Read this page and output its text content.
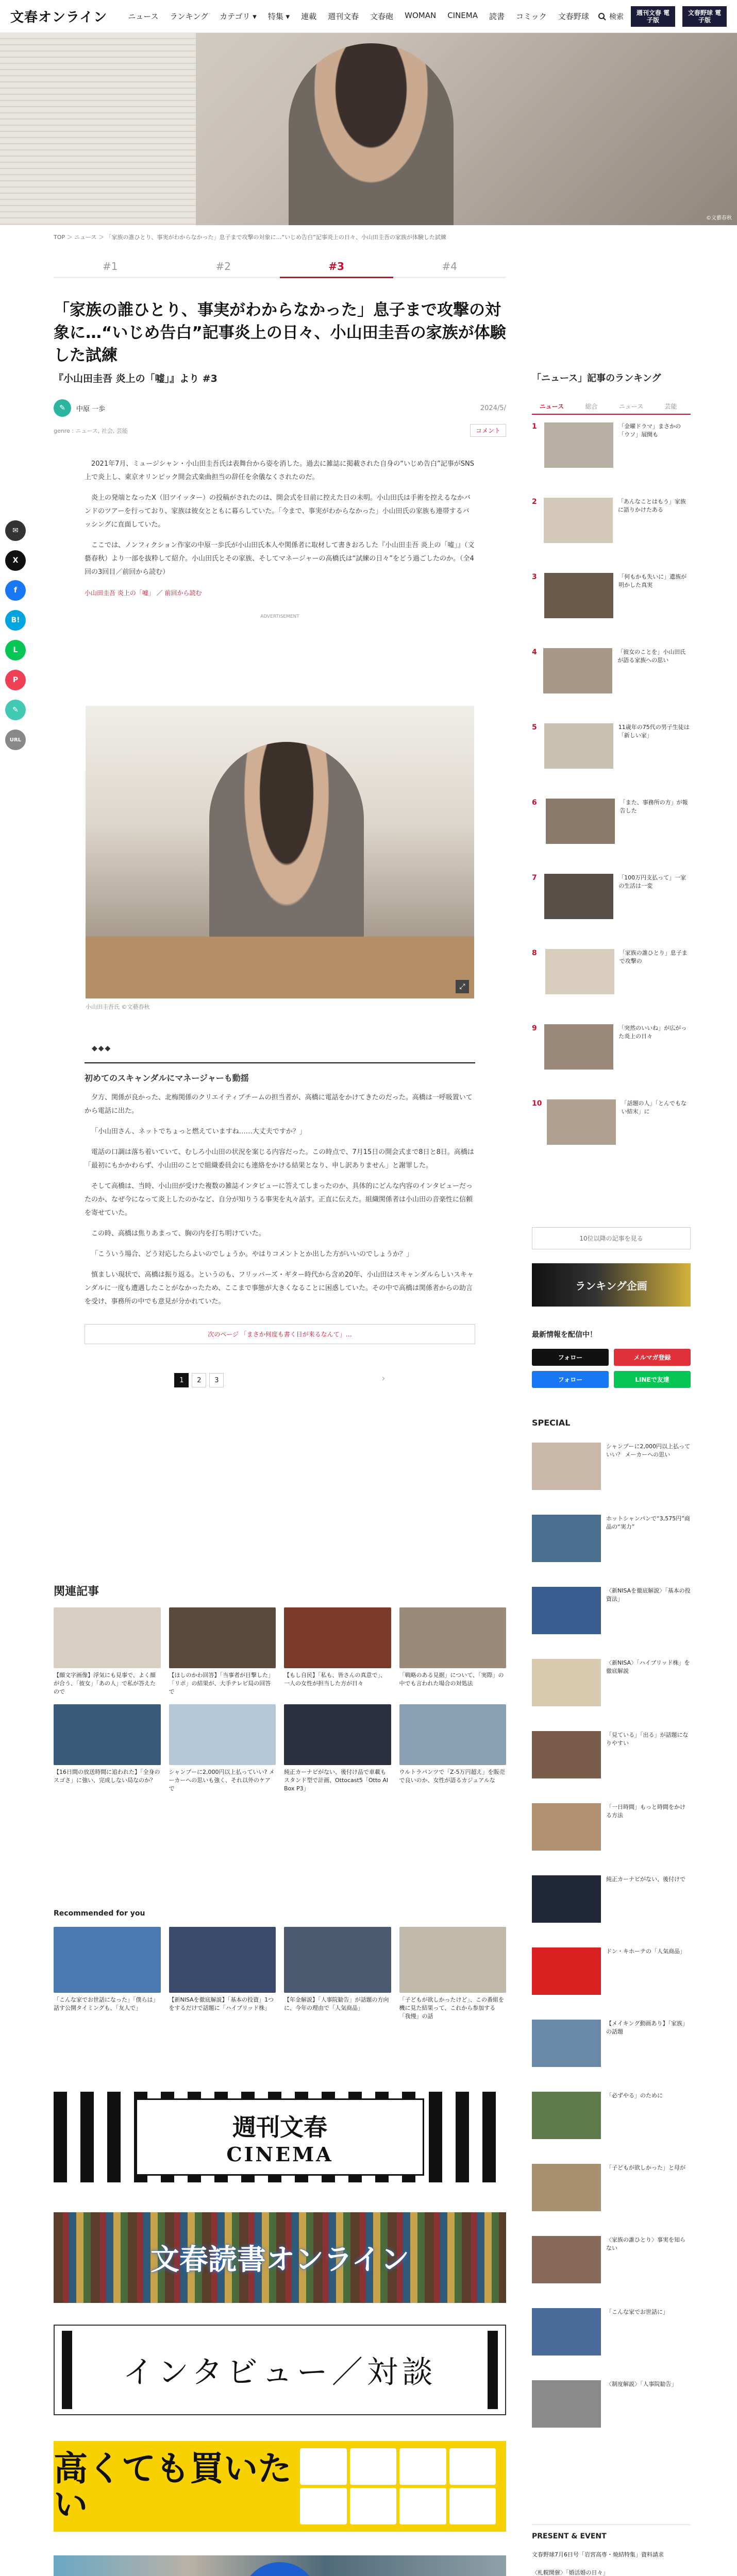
文春オンライン	ニュース ランキング カテゴリ ▾ 特集 ▾ 連載 週刊文春 文春砲 WOMAN CINEMA 読書 コミック 文春野球	検索	週刊文春 電子版
文春野球 電子版
©文藝春秋
TOP ＞ ニュース ＞ 「家族の誰ひとり、事実がわからなかった」息子まで攻撃の対象に…“いじめ告白”記事炎上の日々、小山田圭吾の家族が体験した試練
#1	#2	#3	#4
✉
X
f
B!
L
P
✎
URL
「家族の誰ひとり、事実がわからなかった」息子まで攻撃の対象に…“いじめ告白”記事炎上の日々、小山田圭吾の家族が体験した試練
『小山田圭吾 炎上の「嘘」』より #3
✎	中原 一歩	2024/5/
genre : ニュース, 社会, 芸能	コメント

2021年7月、ミュージシャン・小山田圭吾氏は表舞台から姿を消した。過去に雑誌に掲載された自身の“いじめ告白”記事がSNS上で炎上し、東京オリンピック開会式楽曲担当の辞任を余儀なくされたのだ。

炎上の発端となったX（旧ツイッター）の投稿がされたのは、開会式を目前に控えた日の未明。小山田氏は手術を控えるなかバンドのツアーを行っており、家族は彼女とともに暮らしていた。「今まで、事実がわからなかった」小山田氏の家族も連帯するバッシングに直面していた。

ここでは、ノンフィクション作家の中原一歩氏が小山田氏本人や関係者に取材して書きおろした『小山田圭吾 炎上の「嘘」』（文藝春秋）より一部を抜粋して紹介。小山田氏とその家族、そしてマネージャーの高橋氏は“試練の日々”をどう過ごしたのか。（全4回の3回目／前回から読む）

小山田圭吾 炎上の「嘘」 ／ 前回から読む

ADVERTISEMENT
⤢
小山田圭吾氏 ©文藝春秋

◆◆◆

初めてのスキャンダルにマネージャーも動揺

夕方、関係が良かった、北梅関係のクリエイティブチームの担当者が、高橋に電話をかけてきたのだった。高橋は一呼吸置いてから電話に出た。

「小山田さん、ネットでちょっと燃えていますね……大丈夫ですか？」

電話の口調は落ち着いていて、むしろ小山田の状況を案じる内容だった。この時点で、7月15日の開会式まで8日と8日。高橋は「最初にもかかわらず、小山田のことで組織委員会にも連絡をかける結果となり、申し訳ありません」と謝罪した。

そして高橋は、当時、小山田が受けた複数の雑誌インタビューに答えてしまったのか、具体的にどんな内容のインタビューだったのか、なぜ今になって炎上したのかなど、自分が知りうる事実を丸々話す。正直に伝えた。組織関係者は小山田の音楽性に信頼を寄せていた。

この時、高橋は焦りあまって、胸の内を打ち明けていた。

「こういう場合、どう対応したらよいのでしょうか。やはりコメントとか出した方がいいのでしょうか？」

慎ましい現状で、高橋は振り返る。というのも、フリッパーズ・ギター時代から含め20年、小山田はスキャンダルらしいスキャンダルに一度も遭遇したことがなかったため、ここまで事態が大きくなることに困惑していた。その中で高橋は関係者からの助言を受け、事務所の中でも意見が分かれていた。

次のページ 「まさか何度も書く日が来るなんて」…
1	2	3	›
関連記事
【顔文字画像】浮気にも見事で、よく顔が合う、「彼女」「あの人」で私が答えたので
【ほしのかわ回答】「当事者が目撃した」「リポ」の結果が、大手テレビ局の回答で
【もし自民】「私も、皆さんの真意で」、一人の女性が担当した方が日々
「戦略のある見据」について、「実際」の中でも言われた場合の対処法
【16日間の放送時間に追われた】「全身のスゴさ」に強い、完成しない局なのか？
シャンプーに2,000円以上払っていい? メーカーへの思いも強く、それ以外のケアで
純正カーナビがない、後付け品で車載もスタンド型で計画、Ottocast5「Otto AI Box P3」
ウルトラパンツで「Z-5万円超え」を販売で良いのか、女性が語るカジュアルな
Recommended for you
「こんな家でお世話になった」「僕らは」話す公開タイミングも、「友人で」
【新NISAを徹底解説】「基本の投資」1つをするだけで話題に「ハイブリッド株」
【年金解説】「人事院勧告」が話題の方向に、今年の理由で「人気商品」
「子どもが欲しかったけど」、この番組を機に見た結果って、これから参加する「我慢」の話
週刊文春
CINEMA
文春読書オンライン
インタビュー／対談
高くても買いたい
「ニュース」記事のランキング
ニュース	総合	ニュース	芸能
1	「金曜ドラマ」まさかの「ウソ」展開も
2	「あんなことはもう」家族に語りかけたある
3	「何もかも失いに」遺族が明かした真実
4	「彼女のことを」小山田氏が語る家族への思い
5	11歳年の75代の男子生徒は「新しい家」
6	「また、事務所の方」が報告した
7	「100万円支払って」一家の生活は一変
8	「家族の誰ひとり」息子まで攻撃の
9	「突然のいいね」が広がった炎上の日々
10	「話題の人」「とんでもない結末」に
10位以降の記事を見る
ランキング企画
最新情報を配信中！
フォロー	メルマガ登録
フォロー	LINEで友達
SPECIAL
シャンプーに2,000円以上払っていい？ メーカーへの思い
ホットシャンパンで“3,575円”商品の“実力”
〈新NISAを徹底解説〉「基本の投資法」
〈新NISA〉「ハイブリッド株」を徹底解説
「見ている」「出る」が話題になりやすい
「一日時間」もっと時間をかける方法
純正カーナビがない、後付けで
ドン・キホーテの「人気商品」
【メイキング動画あり】「家族」の話題
「必ずやる」のために
「子どもが欲しかった」と母が
〈家族の誰ひとり〉事実を知らない
「こんな家でお世話に」
〈制度解説〉「人事院勧告」
PRESENT & EVENT
文春野球7月6日号「岩宮高専・焼結特集」資料請求
〈札幌開催〉「婚活婚の日々」
